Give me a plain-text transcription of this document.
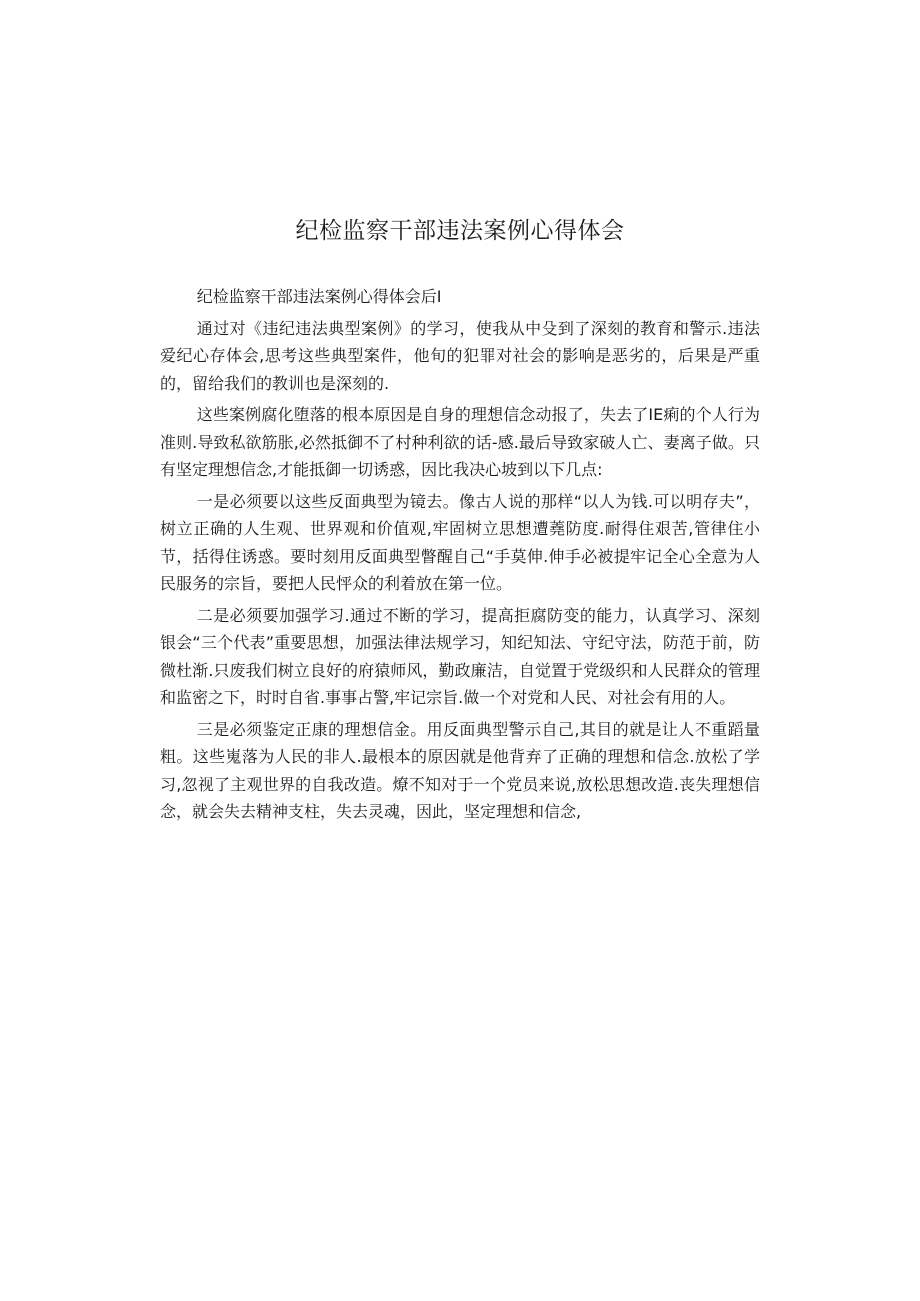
纪检监察干部违法案例心得体会

纪检监察干部违法案例心得体会后I

通过对《违纪违法典型案例》的学习，使我从中殳到了深刻的教育和警示.违法爱纪心存体会,思考这些典型案件，他旬的犯罪对社会的影响是恶劣的，后果是严重的，留给我们的教训也是深刻的.

这些案例腐化堕落的根本原因是自身的理想信念动报了，失去了IE痢的个人行为准则.导致私欲筋胀,必然抵御不了村种利欲的话-感.最后导致家破人亡、妻离子做。只有坚定理想信念,才能抵御一切诱惑，因比我决心坡到以下几点:

一是必须要以这些反面典型为镜去。像古人说的那样“以人为钱.可以明存夫”，树立正确的人生观、世界观和价值观,牢固树立思想遭蕘防度.耐得住艰苦,管律住小节，括得住诱惑。要时刻用反面典型瞥醒自己“手莫伸.伸手必被提牢记全心全意为人民服务的宗旨，要把人民怦众的利着放在第一位。

二是必须要加强学习.通过不断的学习，提高拒腐防变的能力，认真学习、深刻银会“三个代表”重要思想，加强法律法规学习，知纪知法、守纪守法，防范于前，防微杜渐.只废我们树立良好的府猿师风，勤政廉洁，自觉置于党级织和人民群众的管理和监密之下，时时自省.事事占警,牢记宗旨.做一个对党和人民、对社会有用的人。

三是必须鉴定正康的理想信金。用反面典型警示自己,其目的就是让人不重蹈量粗。这些嵬落为人民的非人.最根本的原因就是他背弃了正确的理想和信念.放松了学习,忽视了主观世界的自我改造。燎不知对于一个党员来说,放松思想改造.丧失理想信念，就会失去精神支柱，失去灵魂，因此，坚定理想和信念,
